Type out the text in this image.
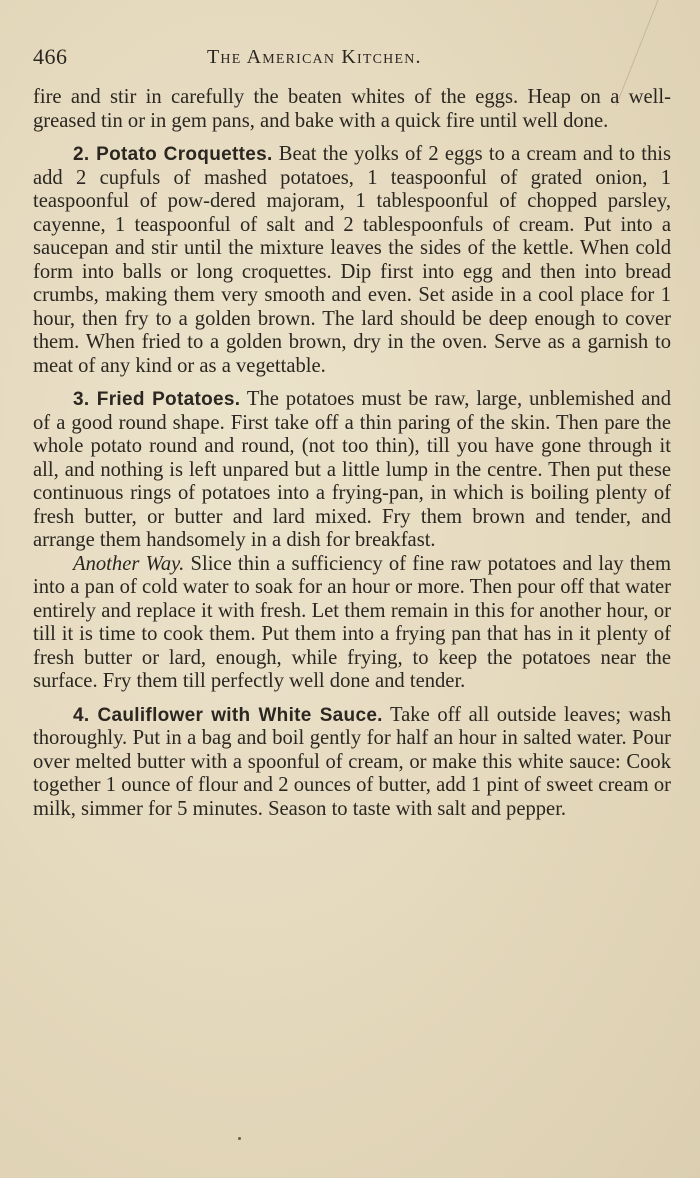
466	The American Kitchen.

fire and stir in carefully the beaten whites of the eggs. Heap on a well-greased tin or in gem pans, and bake with a quick fire until well done.

2. Potato Croquettes. Beat the yolks of 2 eggs to a cream and to this add 2 cupfuls of mashed potatoes, 1 teaspoonful of grated onion, 1 teaspoonful of pow-dered majoram, 1 tablespoonful of chopped parsley, cayenne, 1 teaspoonful of salt and 2 tablespoonfuls of cream. Put into a saucepan and stir until the mixture leaves the sides of the kettle. When cold form into balls or long croquettes. Dip first into egg and then into bread crumbs, making them very smooth and even. Set aside in a cool place for 1 hour, then fry to a golden brown. The lard should be deep enough to cover them. When fried to a golden brown, dry in the oven. Serve as a garnish to meat of any kind or as a vegettable.

3. Fried Potatoes. The potatoes must be raw, large, unblemished and of a good round shape. First take off a thin paring of the skin. Then pare the whole potato round and round, (not too thin), till you have gone through it all, and nothing is left unpared but a little lump in the centre. Then put these continuous rings of potatoes into a frying-pan, in which is boiling plenty of fresh butter, or butter and lard mixed. Fry them brown and tender, and arrange them handsomely in a dish for breakfast.

Another Way. Slice thin a sufficiency of fine raw potatoes and lay them into a pan of cold water to soak for an hour or more. Then pour off that water entirely and replace it with fresh. Let them remain in this for another hour, or till it is time to cook them. Put them into a frying pan that has in it plenty of fresh butter or lard, enough, while frying, to keep the potatoes near the surface. Fry them till perfectly well done and tender.

4. Cauliflower with White Sauce. Take off all outside leaves; wash thoroughly. Put in a bag and boil gently for half an hour in salted water. Pour over melted butter with a spoonful of cream, or make this white sauce: Cook together 1 ounce of flour and 2 ounces of butter, add 1 pint of sweet cream or milk, simmer for 5 minutes. Season to taste with salt and pepper.
